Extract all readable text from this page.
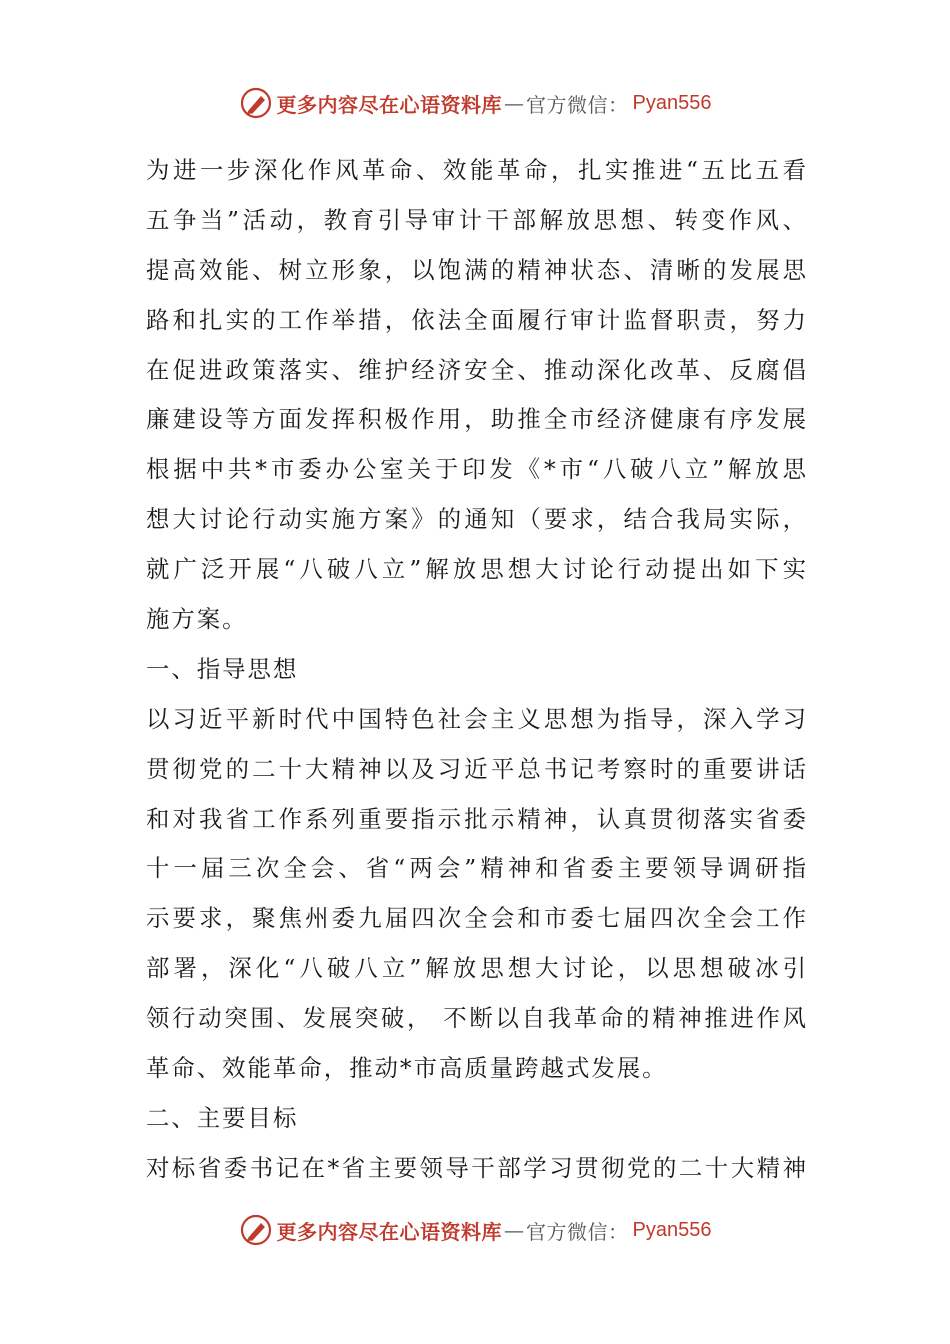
更多内容尽在心语资料库 — 官方微信： Pyan556
为进一步深化作风革命、效能革命，扎实推进“五比五看
五争当”活动，教育引导审计干部解放思想、转变作风、
提高效能、树立形象，以饱满的精神状态、清晰的发展思
路和扎实的工作举措，依法全面履行审计监督职责，努力
在促进政策落实、维护经济安全、推动深化改革、反腐倡
廉建设等方面发挥积极作用，助推全市经济健康有序发展
根据中共*市委办公室关于印发《*市“八破八立”解放思
想大讨论行动实施方案》的通知（要求，结合我局实际，
就广泛开展“八破八立”解放思想大讨论行动提出如下实
施方案。
一、指导思想
以习近平新时代中国特色社会主义思想为指导，深入学习
贯彻党的二十大精神以及习近平总书记考察时的重要讲话
和对我省工作系列重要指示批示精神，认真贯彻落实省委
十一届三次全会、省“两会”精神和省委主要领导调研指
示要求，聚焦州委九届四次全会和市委七届四次全会工作
部署，深化“八破八立”解放思想大讨论，以思想破冰引
领行动突围、发展突破， 不断以自我革命的精神推进作风
革命、效能革命，推动*市高质量跨越式发展。
二、主要目标
对标省委书记在*省主要领导干部学习贯彻党的二十大精神
更多内容尽在心语资料库 — 官方微信： Pyan556
